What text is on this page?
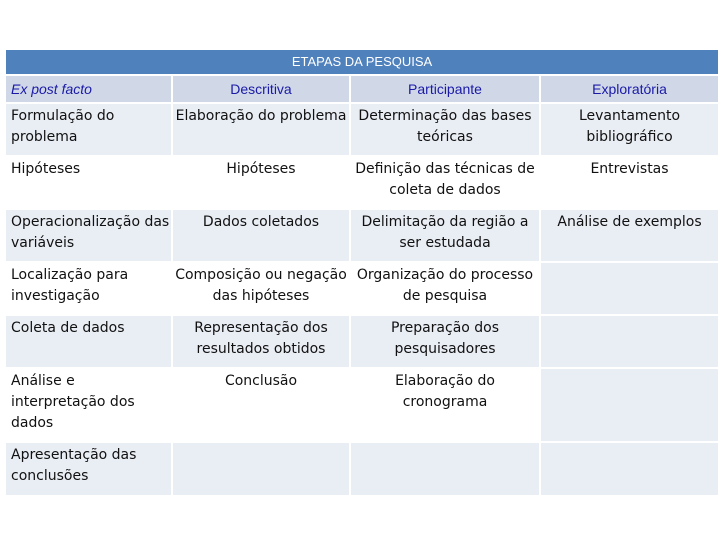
ETAPAS DA PESQUISA			
Ex post facto	Descritiva	Participante	Exploratória
Formulação do problema	Elaboração do problema	Determinação das bases teóricas	Levantamento bibliográfico
Hipóteses	Hipóteses	Definição das técnicas de coleta de dados	Entrevistas
Operacionalização das variáveis	Dados coletados	Delimitação da região a ser estudada	Análise de exemplos
Localização para investigação	Composição ou negação das hipóteses	Organização do processo de pesquisa	
Coleta de dados	Representação dos resultados obtidos	Preparação dos pesquisadores	
Análise e interpretação dos dados	Conclusão	Elaboração do cronograma	
Apresentação das conclusões			
